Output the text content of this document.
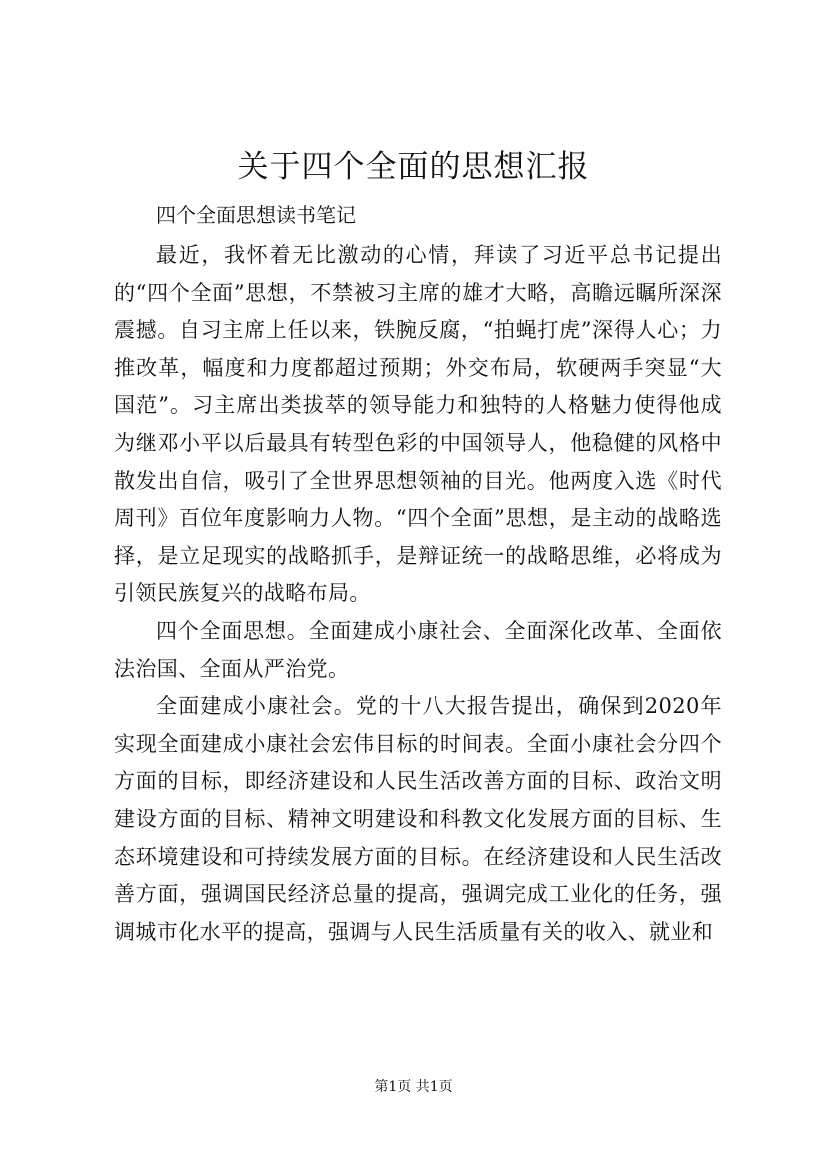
关于四个全面的思想汇报

四个全面思想读书笔记

最近，我怀着无比激动的心情，拜读了习近平总书记提出的“四个全面”思想，不禁被习主席的雄才大略，高瞻远瞩所深深震撼。自习主席上任以来，铁腕反腐，“拍蝇打虎”深得人心；力推改革，幅度和力度都超过预期；外交布局，软硬两手突显“大国范”。习主席出类拔萃的领导能力和独特的人格魅力使得他成为继邓小平以后最具有转型色彩的中国领导人，他稳健的风格中散发出自信，吸引了全世界思想领袖的目光。他两度入选《时代周刊》百位年度影响力人物。“四个全面”思想，是主动的战略选择，是立足现实的战略抓手，是辩证统一的战略思维，必将成为引领民族复兴的战略布局。

四个全面思想。全面建成小康社会、全面深化改革、全面依法治国、全面从严治党。

全面建成小康社会。党的十八大报告提出，确保到2020年实现全面建成小康社会宏伟目标的时间表。全面小康社会分四个方面的目标，即经济建设和人民生活改善方面的目标、政治文明建设方面的目标、精神文明建设和科教文化发展方面的目标、生态环境建设和可持续发展方面的目标。在经济建设和人民生活改善方面，强调国民经济总量的提高，强调完成工业化的任务，强调城市化水平的提高，强调与人民生活质量有关的收入、就业和

第1页 共1页
